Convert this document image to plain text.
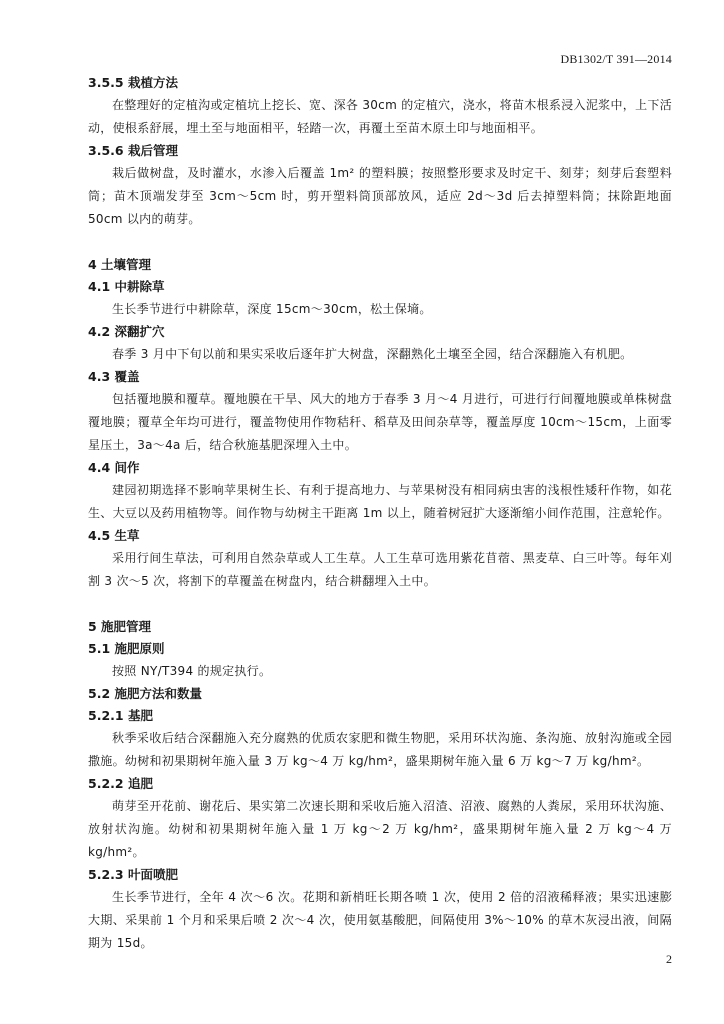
DB1302/T 391—2014

3.5.5 栽植方法

在整理好的定植沟或定植坑上挖长、宽、深各 30cm 的定植穴，浇水，将苗木根系浸入泥浆中，上下活动，使根系舒展，埋土至与地面相平，轻踏一次，再覆土至苗木原土印与地面相平。

3.5.6 栽后管理

栽后做树盘，及时灌水，水渗入后覆盖 1m² 的塑料膜；按照整形要求及时定干、刻芽；刻芽后套塑料筒；苗木顶端发芽至 3cm～5cm 时，剪开塑料筒顶部放风，适应 2d～3d 后去掉塑料筒；抹除距地面 50cm 以内的萌芽。

4 土壤管理

4.1 中耕除草

生长季节进行中耕除草，深度 15cm～30cm，松土保墒。

4.2 深翻扩穴

春季 3 月中下旬以前和果实采收后逐年扩大树盘，深翻熟化土壤至全园，结合深翻施入有机肥。

4.3 覆盖

包括覆地膜和覆草。覆地膜在干旱、风大的地方于春季 3 月～4 月进行，可进行行间覆地膜或单株树盘覆地膜；覆草全年均可进行，覆盖物使用作物秸秆、稻草及田间杂草等，覆盖厚度 10cm～15cm，上面零星压土，3a～4a 后，结合秋施基肥深埋入土中。

4.4 间作

建园初期选择不影响苹果树生长、有利于提高地力、与苹果树没有相同病虫害的浅根性矮秆作物，如花生、大豆以及药用植物等。间作物与幼树主干距离 1m 以上，随着树冠扩大逐渐缩小间作范围，注意轮作。

4.5 生草

采用行间生草法，可利用自然杂草或人工生草。人工生草可选用紫花苜蓿、黑麦草、白三叶等。每年刈割 3 次～5 次，将割下的草覆盖在树盘内，结合耕翻埋入土中。

5 施肥管理

5.1 施肥原则

按照 NY/T394 的规定执行。

5.2 施肥方法和数量

5.2.1 基肥

秋季采收后结合深翻施入充分腐熟的优质农家肥和微生物肥，采用环状沟施、条沟施、放射沟施或全园撒施。幼树和初果期树年施入量 3 万 kg～4 万 kg/hm²，盛果期树年施入量 6 万 kg～7 万 kg/hm²。

5.2.2 追肥

萌芽至开花前、谢花后、果实第二次速长期和采收后施入沼渣、沼液、腐熟的人粪尿，采用环状沟施、放射状沟施。幼树和初果期树年施入量 1 万 kg～2 万 kg/hm²，盛果期树年施入量 2 万 kg～4 万 kg/hm²。

5.2.3 叶面喷肥

生长季节进行，全年 4 次～6 次。花期和新梢旺长期各喷 1 次，使用 2 倍的沼液稀释液；果实迅速膨大期、采果前 1 个月和采果后喷 2 次～4 次，使用氨基酸肥，间隔使用 3%～10% 的草木灰浸出液，间隔期为 15d。

2
